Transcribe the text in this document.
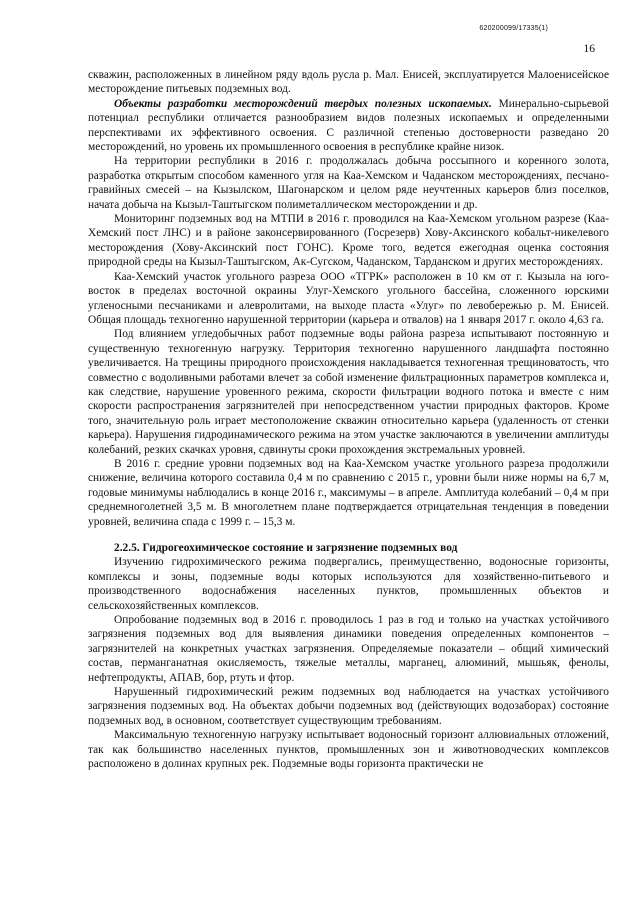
620200099/17335(1)
16

скважин, расположенных в линейном ряду вдоль русла р. Мал. Енисей, эксплуатируется Малоенисейское месторождение питьевых подземных вод.

Объекты разработки месторождений твердых полезных ископаемых. Минерально-сырьевой потенциал республики отличается разнообразием видов полезных ископаемых и определенными перспективами их эффективного освоения. С различной степенью достоверности разведано 20 месторождений, но уровень их промышленного освоения в республике крайне низок.

На территории республики в 2016 г. продолжалась добыча россыпного и коренного золота, разработка открытым способом каменного угля на Каа-Хемском и Чаданском месторождениях, песчано-гравийных смесей – на Кызылском, Шагонарском и целом ряде неучтенных карьеров близ поселков, начата добыча на Кызыл-Таштыгском полиметаллическом месторождении и др.

Мониторинг подземных вод на МТПИ в 2016 г. проводился на Каа-Хемском угольном разрезе (Каа-Хемский пост ЛНС) и в районе законсервированного (Госрезерв) Хову-Аксинского кобальт-никелевого месторождения (Хову-Аксинский пост ГОНС). Кроме того, ведется ежегодная оценка состояния природной среды на Кызыл-Таштыгском, Ак-Сугском, Чаданском, Тарданском и других месторождениях.

Каа-Хемский участок угольного разреза ООО «ТГРК» расположен в 10 км от г. Кызыла на юго-восток в пределах восточной окраины Улуг-Хемского угольного бассейна, сложенного юрскими угленосными песчаниками и алевролитами, на выходе пласта «Улуг» по левобережью р. М. Енисей. Общая площадь техногенно нарушенной территории (карьера и отвалов) на 1 января 2017 г. около 4,63 га.

Под влиянием угледобычных работ подземные воды района разреза испытывают постоянную и существенную техногенную нагрузку. Территория техногенно нарушенного ландшафта постоянно увеличивается. На трещины природного происхождения накладывается техногенная трещиноватость, что совместно с водоливными работами влечет за собой изменение фильтрационных параметров комплекса и, как следствие, нарушение уровенного режима, скорости фильтрации водного потока и вместе с ним скорости распространения загрязнителей при непосредственном участии природных факторов. Кроме того, значительную роль играет местоположение скважин относительно карьера (удаленность от стенки карьера). Нарушения гидродинамического режима на этом участке заключаются в увеличении амплитуды колебаний, резких скачках уровня, сдвинуты сроки прохождения экстремальных уровней.

В 2016 г. средние уровни подземных вод на Каа-Хемском участке угольного разреза продолжили снижение, величина которого составила 0,4 м по сравнению с 2015 г., уровни были ниже нормы на 6,7 м, годовые минимумы наблюдались в конце 2016 г., максимумы – в апреле. Амплитуда колебаний – 0,4 м при среднемноголетней 3,5 м. В многолетнем плане подтверждается отрицательная тенденция в поведении уровней, величина спада с 1999 г. – 15,3 м.

2.2.5. Гидрогеохимическое состояние и загрязнение подземных вод

Изучению гидрохимического режима подвергались, преимущественно, водоносные горизонты, комплексы и зоны, подземные воды которых используются для хозяйственно-питьевого и производственного водоснабжения населенных пунктов, промышленных объектов и сельскохозяйственных комплексов.

Опробование подземных вод в 2016 г. проводилось 1 раз в год и только на участках устойчивого загрязнения подземных вод для выявления динамики поведения определенных компонентов – загрязнителей на конкретных участках загрязнения. Определяемые показатели – общий химический состав, перманганатная окисляемость, тяжелые металлы, марганец, алюминий, мышьяк, фенолы, нефтепродукты, АПАВ, бор, ртуть и фтор.

Нарушенный гидрохимический режим подземных вод наблюдается на участках устойчивого загрязнения подземных вод. На объектах добычи подземных вод (действующих водозаборах) состояние подземных вод, в основном, соответствует существующим требованиям.

Максимальную техногенную нагрузку испытывает водоносный горизонт аллювиальных отложений, так как большинство населенных пунктов, промышленных зон и животноводческих комплексов расположено в долинах крупных рек. Подземные воды горизонта практически не
